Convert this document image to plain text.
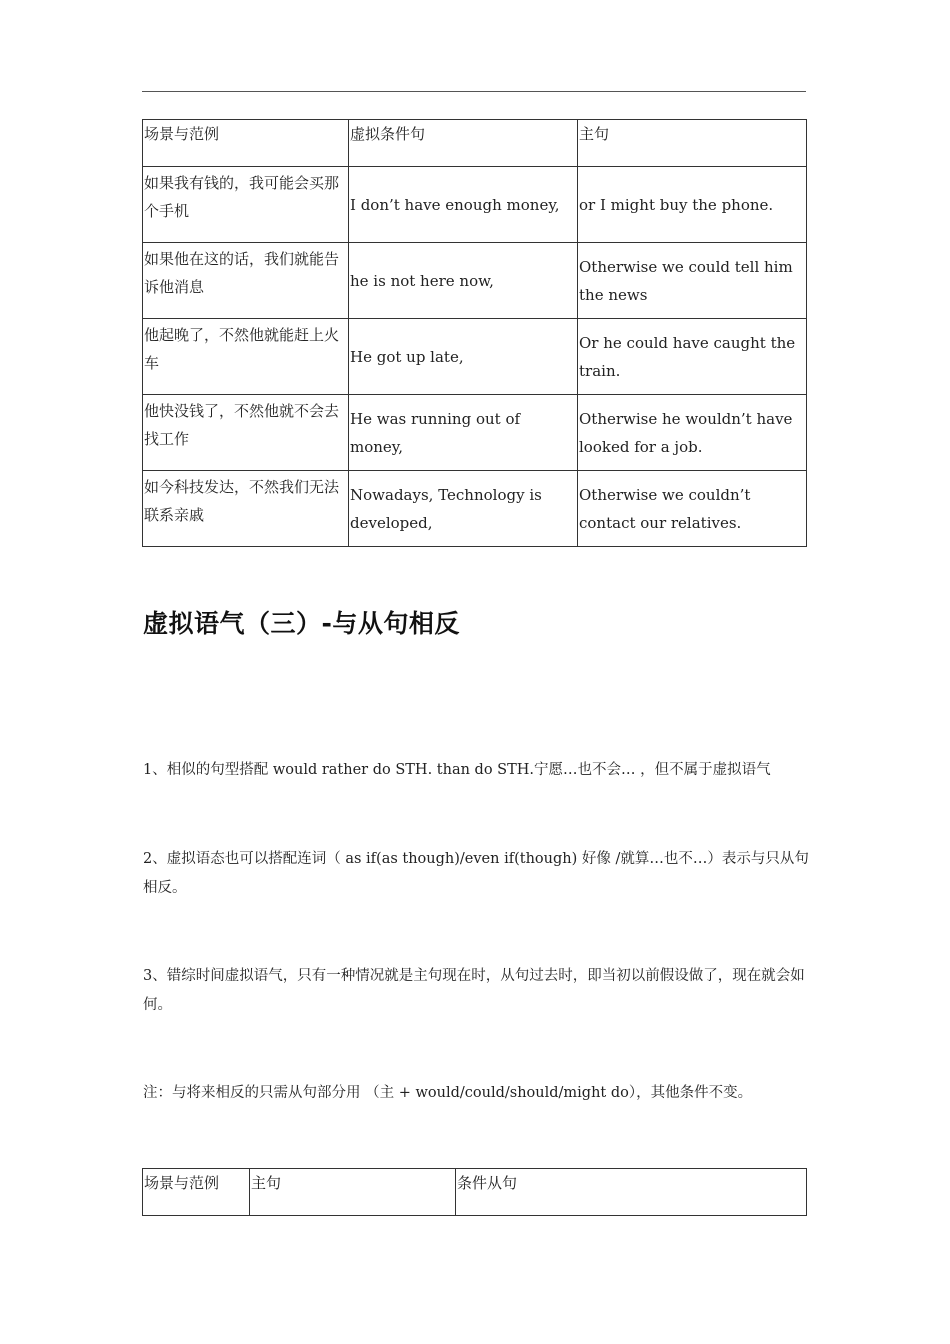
场景与范例	虚拟条件句	主句

如果我有钱的，我可能会买那个手机	I don’t have enough money,	or I might buy the phone.

如果他在这的话，我们就能告诉他消息	he is not here now,	Otherwise we could tell him the news

他起晚了，不然他就能赶上火车	He got up late,	Or he could have caught the train.

他快没钱了，不然他就不会去找工作	He was running out of money,	Otherwise he wouldn’t have looked for a job.

如今科技发达，不然我们无法联系亲戚	Nowadays, Technology is developed,	Otherwise we couldn’t contact our relatives.
虚拟语气（三）-与从句相反

1、相似的句型搭配 would rather do STH. than do STH.宁愿…也不会… ，但不属于虚拟语气

2、虚拟语态也可以搭配连词（ as if(as though)/even if(though) 好像 /就算…也不…）表示与只从句相反。

3、错综时间虚拟语气，只有一种情况就是主句现在时，从句过去时，即当初以前假设做了，现在就会如何。

注：与将来相反的只需从句部分用 （主 + would/could/should/might do），其他条件不变。

场景与范例	主句	条件从句
